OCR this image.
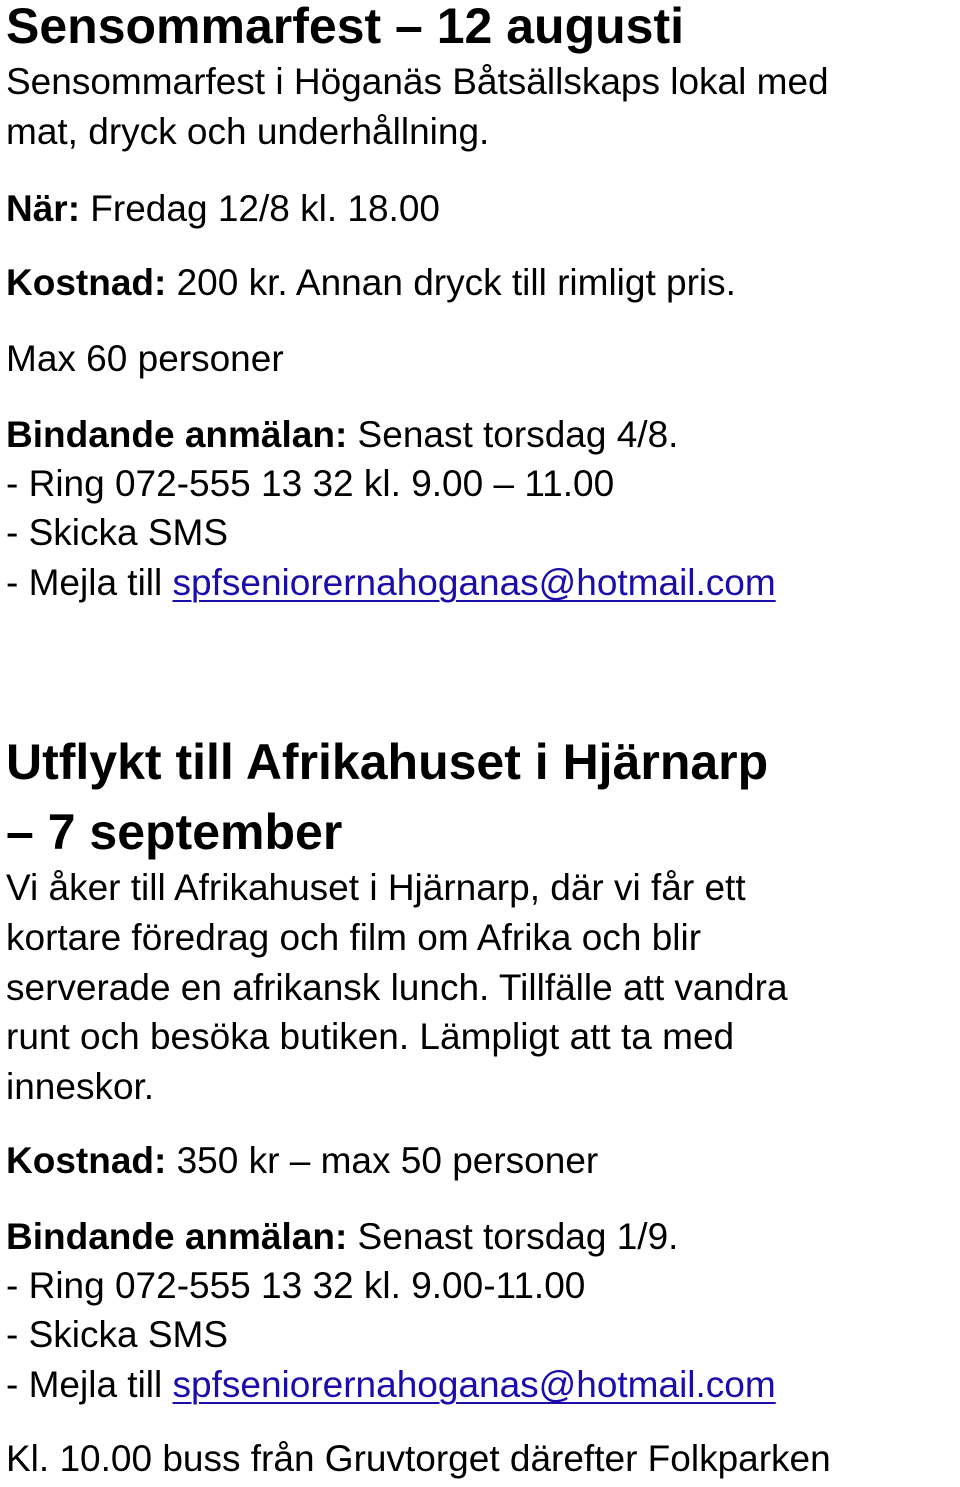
Sensommarfest – 12 augusti
Sensommarfest i Höganäs Båtsällskaps lokal med
mat, dryck och underhållning.
När: Fredag 12/8 kl. 18.00
Kostnad: 200 kr. Annan dryck till rimligt pris.
Max 60 personer
Bindande anmälan: Senast torsdag 4/8.
- Ring 072-555 13 32 kl. 9.00 – 11.00
- Skicka SMS
- Mejla till spfseniorernahoganas@hotmail.com
Utflykt till Afrikahuset i Hjärnarp
– 7 september
Vi åker till Afrikahuset i Hjärnarp, där vi får ett
kortare föredrag och film om Afrika och blir
serverade en afrikansk lunch. Tillfälle att vandra
runt och besöka butiken. Lämpligt att ta med
inneskor.
Kostnad: 350 kr – max 50 personer
Bindande anmälan: Senast torsdag 1/9.
- Ring 072-555 13 32 kl. 9.00-11.00
- Skicka SMS
- Mejla till spfseniorernahoganas@hotmail.com
Kl. 10.00 buss från Gruvtorget därefter Folkparken
